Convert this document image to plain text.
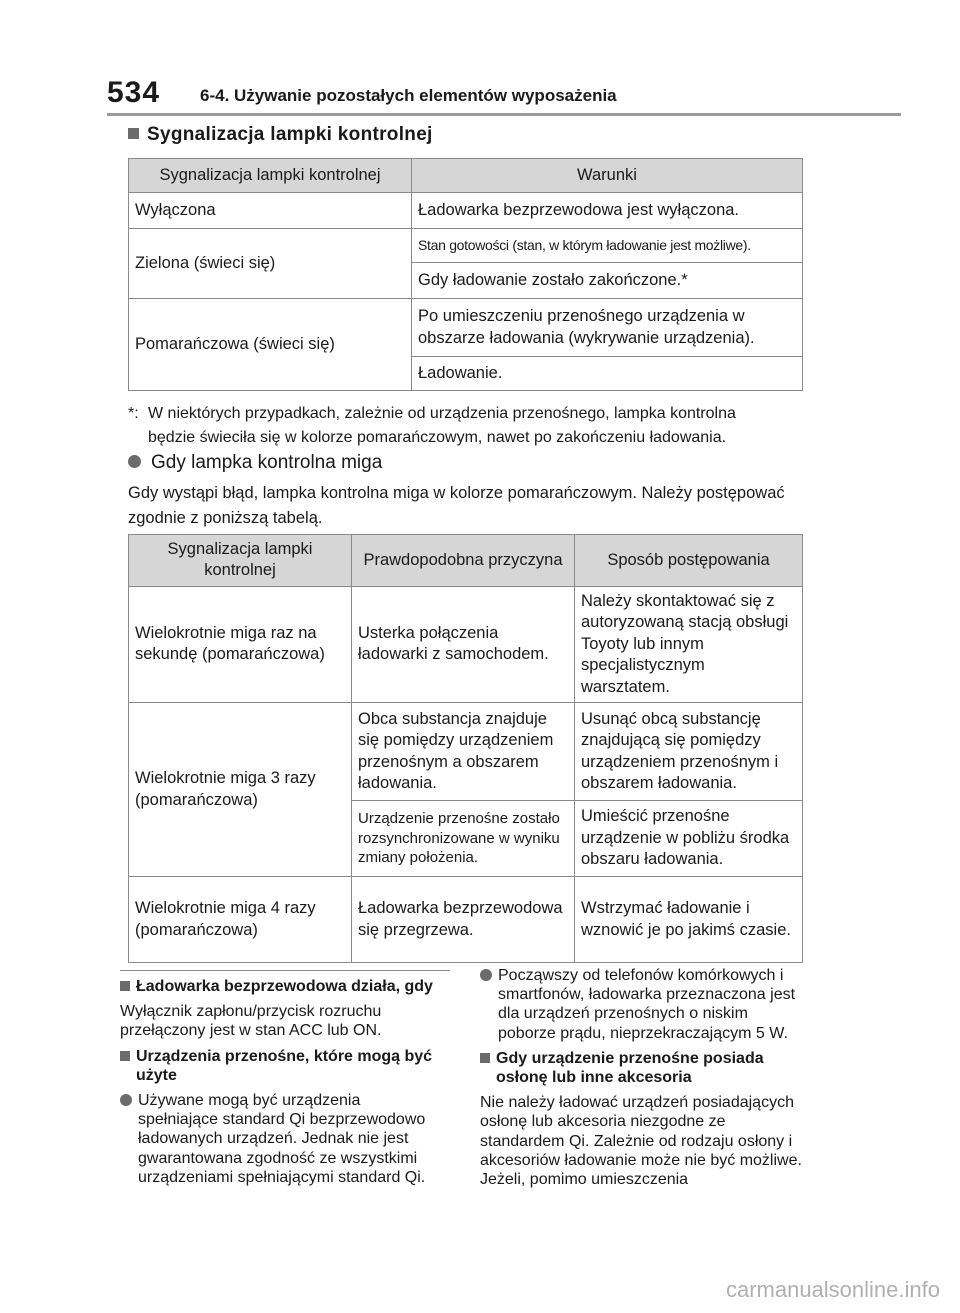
534 6-4. Używanie pozostałych elementów wyposażenia
Sygnalizacja lampki kontrolnej
Sygnalizacja lampki kontrolnej	Warunki
Wyłączona	Ładowarka bezprzewodowa jest wyłączona.
Zielona (świeci się)	Stan gotowości (stan, w którym ładowanie jest możliwe).
	Gdy ładowanie zostało zakończone.*
Pomarańczowa (świeci się)	Po umieszczeniu przenośnego urządzenia w obszarze ładowania (wykrywanie urządzenia).
	Ładowanie.
*: W niektórych przypadkach, zależnie od urządzenia przenośnego, lampka kontrolna
będzie świeciła się w kolorze pomarańczowym, nawet po zakończeniu ładowania.
Gdy lampka kontrolna miga
Gdy wystąpi błąd, lampka kontrolna miga w kolorze pomarańczowym. Należy postępować zgodnie z poniższą tabelą.
Sygnalizacja lampki kontrolnej	Prawdopodobna przyczyna	Sposób postępowania
Wielokrotnie miga raz na sekundę (pomarańczowa)	Usterka połączenia ładowarki z samochodem.	Należy skontaktować się z autoryzowaną stacją obsługi Toyoty lub innym specjalistycznym warsztatem.
Wielokrotnie miga 3 razy (pomarańczowa)	Obca substancja znajduje się pomiędzy urządzeniem przenośnym a obszarem ładowania.	Usunąć obcą substancję znajdującą się pomiędzy urządzeniem przenośnym i obszarem ładowania.
	Urządzenie przenośne zostało rozsynchronizowane w wyniku zmiany położenia.	Umieścić przenośne urządzenie w pobliżu środka obszaru ładowania.
Wielokrotnie miga 4 razy (pomarańczowa)	Ładowarka bezprzewodowa się przegrzewa.	Wstrzymać ładowanie i wznowić je po jakimś czasie.
Ładowarka bezprzewodowa działa, gdy
Wyłącznik zapłonu/przycisk rozruchu przełączony jest w stan ACC lub ON.
Urządzenia przenośne, które mogą być użyte
Używane mogą być urządzenia spełniające standard Qi bezprzewodowo ładowanych urządzeń. Jednak nie jest gwarantowana zgodność ze wszystkimi urządzeniami spełniającymi standard Qi.
Począwszy od telefonów komórkowych i smartfonów, ładowarka przeznaczona jest dla urządzeń przenośnych o niskim poborze prądu, nieprzekraczającym 5 W.
Gdy urządzenie przenośne posiada osłonę lub inne akcesoria
Nie należy ładować urządzeń posiadających osłonę lub akcesoria niezgodne ze standardem Qi. Zależnie od rodzaju osłony i akcesoriów ładowanie może nie być możliwe. Jeżeli, pomimo umieszczenia
carmanualsonline.info
